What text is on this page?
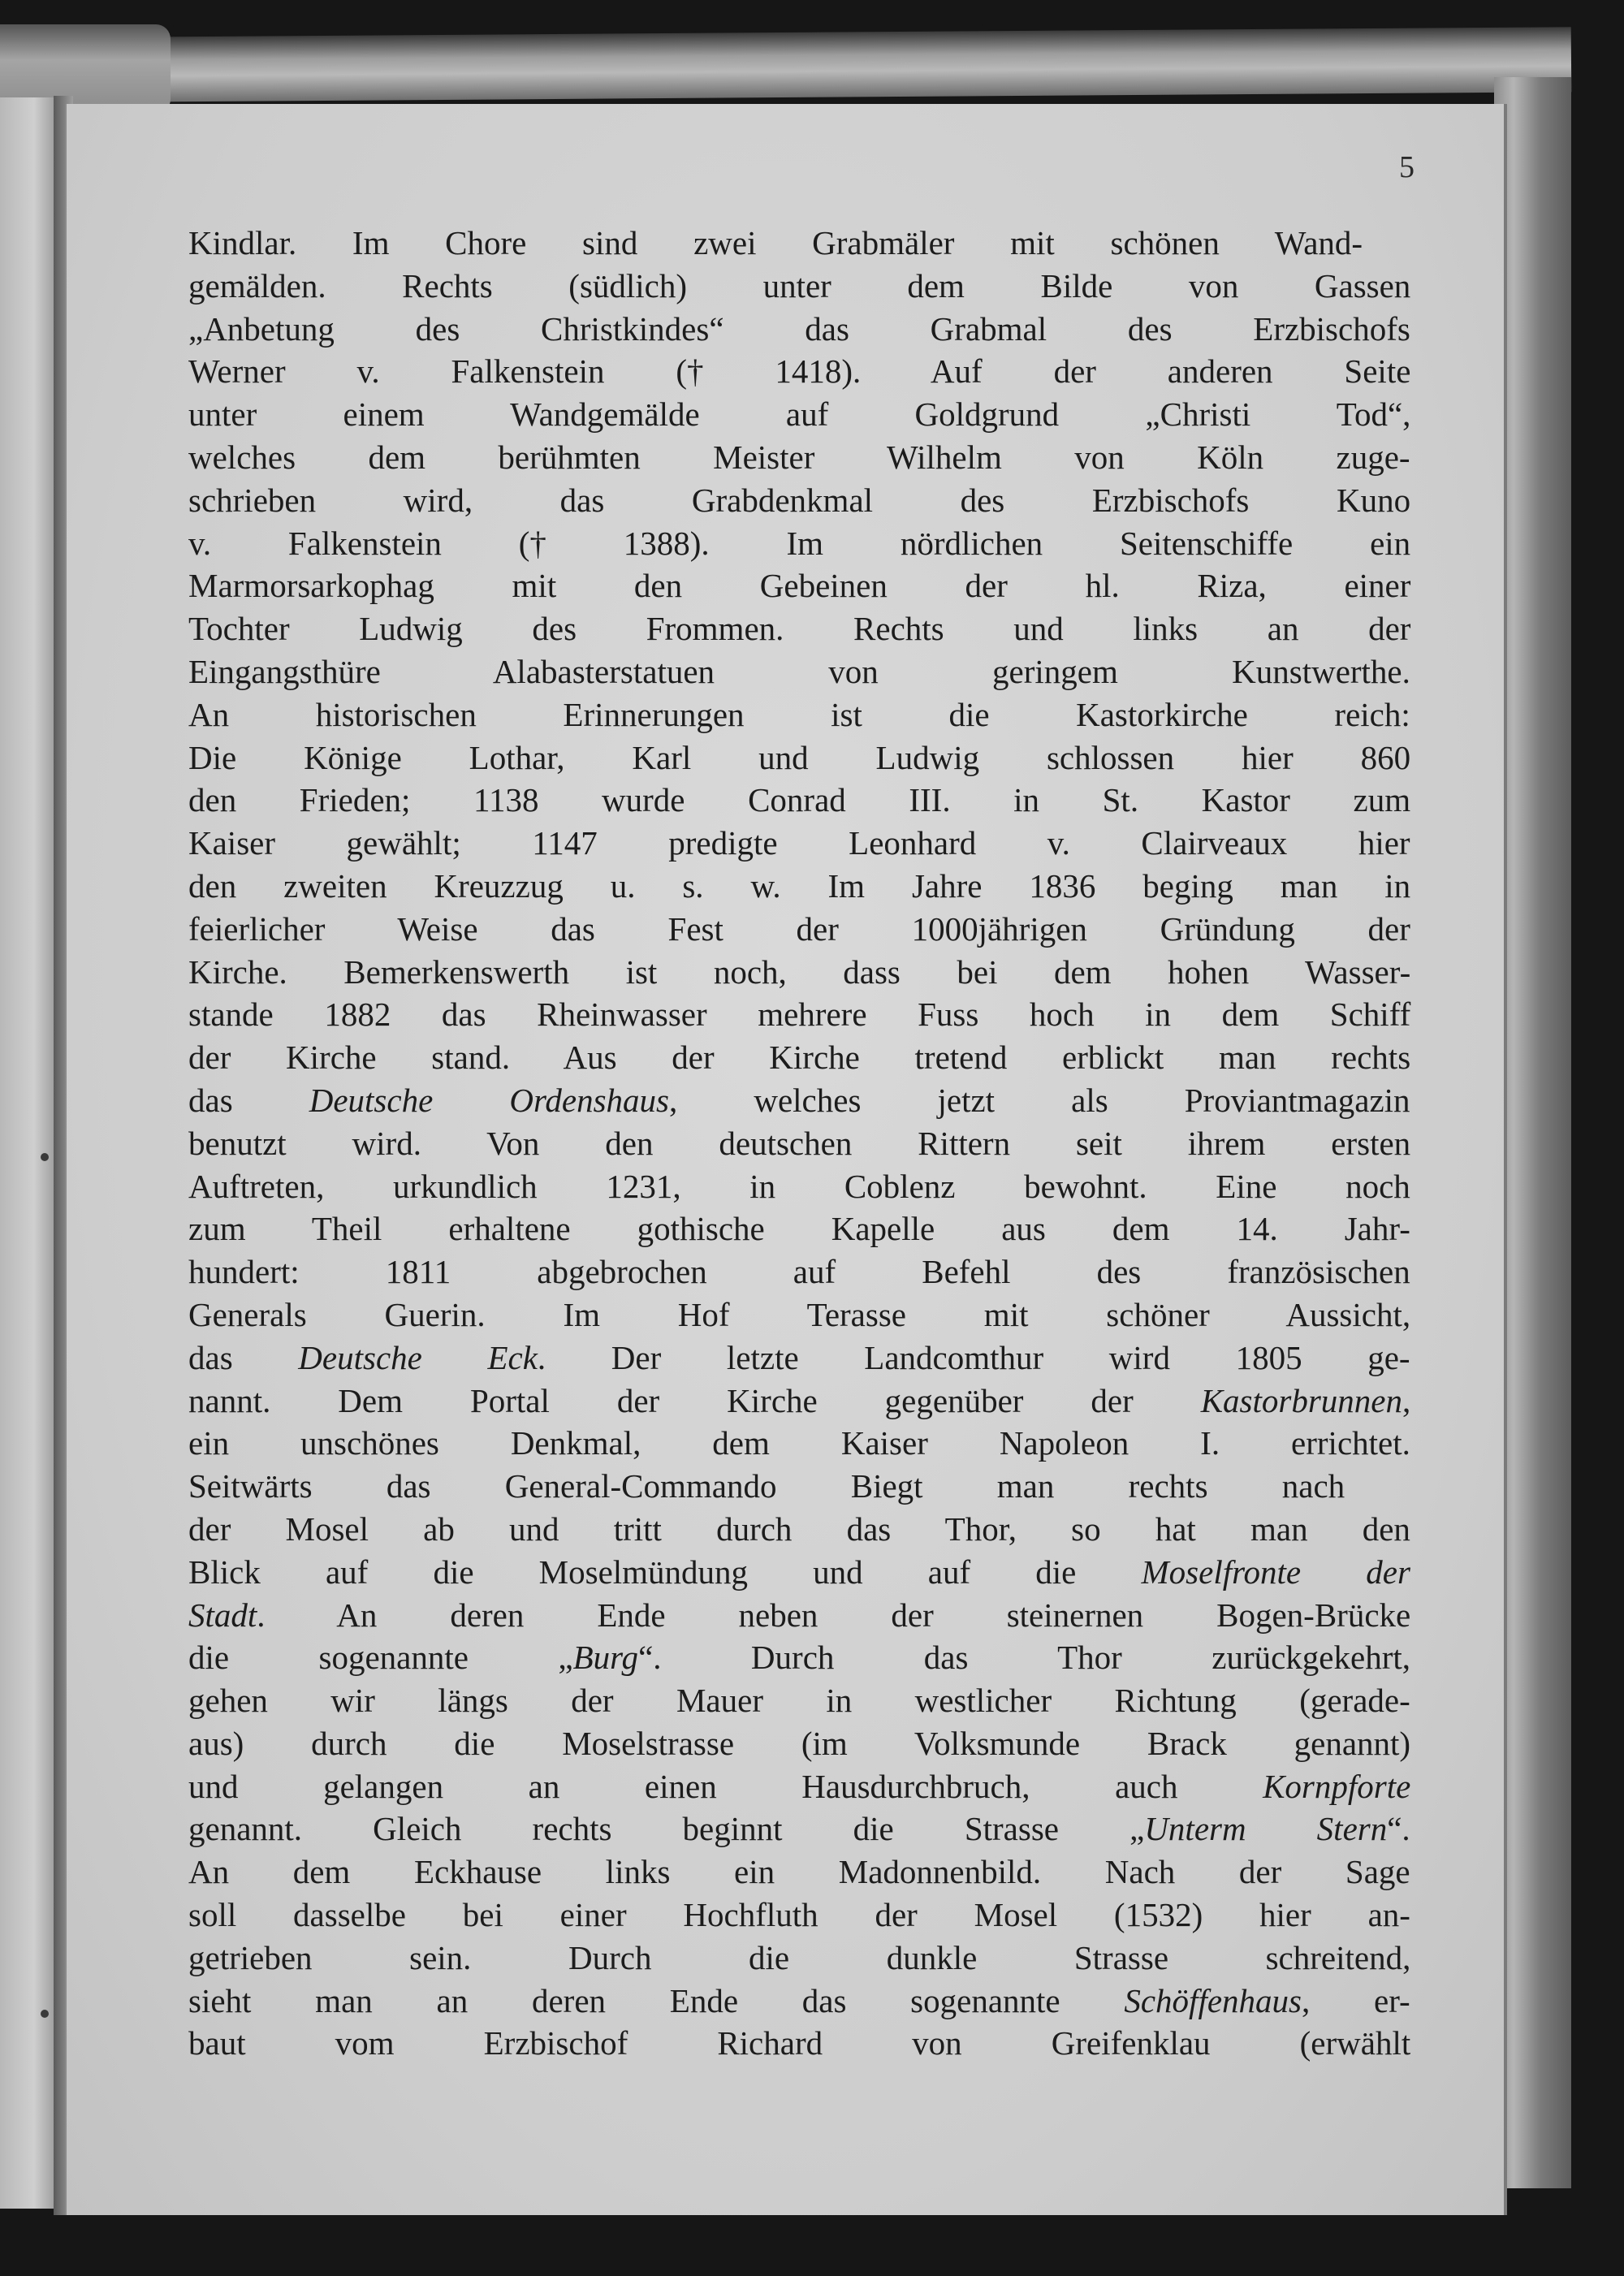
5
Kindlar. Im Chore sind zwei Grabmäler mit schönen Wand-
gemälden. Rechts (südlich) unter dem Bilde von Gassen
„Anbetung des Christkindes“ das Grabmal des Erzbischofs
Werner v. Falkenstein († 1418). Auf der anderen Seite
unter einem Wandgemälde auf Goldgrund „Christi Tod“,
welches dem berühmten Meister Wilhelm von Köln zuge-
schrieben wird, das Grabdenkmal des Erzbischofs Kuno
v. Falkenstein († 1388). Im nördlichen Seitenschiffe ein
Marmorsarkophag mit den Gebeinen der hl. Riza, einer
Tochter Ludwig des Frommen. Rechts und links an der
Eingangsthüre Alabasterstatuen von geringem Kunstwerthe.
An historischen Erinnerungen ist die Kastorkirche reich:
Die Könige Lothar, Karl und Ludwig schlossen hier 860
den Frieden; 1138 wurde Conrad III. in St. Kastor zum
Kaiser gewählt; 1147 predigte Leonhard v. Clairveaux hier
den zweiten Kreuzzug u. s. w. Im Jahre 1836 beging man in
feierlicher Weise das Fest der 1000jährigen Gründung der
Kirche. Bemerkenswerth ist noch, dass bei dem hohen Wasser-
stande 1882 das Rheinwasser mehrere Fuss hoch in dem Schiff
der Kirche stand. Aus der Kirche tretend erblickt man rechts
das Deutsche Ordenshaus, welches jetzt als Proviantmagazin
benutzt wird. Von den deutschen Rittern seit ihrem ersten
Auftreten, urkundlich 1231, in Coblenz bewohnt. Eine noch
zum Theil erhaltene gothische Kapelle aus dem 14. Jahr-
hundert: 1811 abgebrochen auf Befehl des französischen
Generals Guerin. Im Hof Terasse mit schöner Aussicht,
das Deutsche Eck. Der letzte Landcomthur wird 1805 ge-
nannt. Dem Portal der Kirche gegenüber der Kastorbrunnen,
ein unschönes Denkmal, dem Kaiser Napoleon I. errichtet.
Seitwärts das General-Commando Biegt man rechts nach
der Mosel ab und tritt durch das Thor, so hat man den
Blick auf die Moselmündung und auf die Moselfronte der
Stadt. An deren Ende neben der steinernen Bogen-Brücke
die sogenannte „Burg“. Durch das Thor zurückgekehrt,
gehen wir längs der Mauer in westlicher Richtung (gerade-
aus) durch die Moselstrasse (im Volksmunde Brack genannt)
und gelangen an einen Hausdurchbruch, auch Kornpforte
genannt. Gleich rechts beginnt die Strasse „Unterm Stern“.
An dem Eckhause links ein Madonnenbild. Nach der Sage
soll dasselbe bei einer Hochfluth der Mosel (1532) hier an-
getrieben sein. Durch die dunkle Strasse schreitend,
sieht man an deren Ende das sogenannte Schöffenhaus, er-
baut vom Erzbischof Richard von Greifenklau (erwählt
